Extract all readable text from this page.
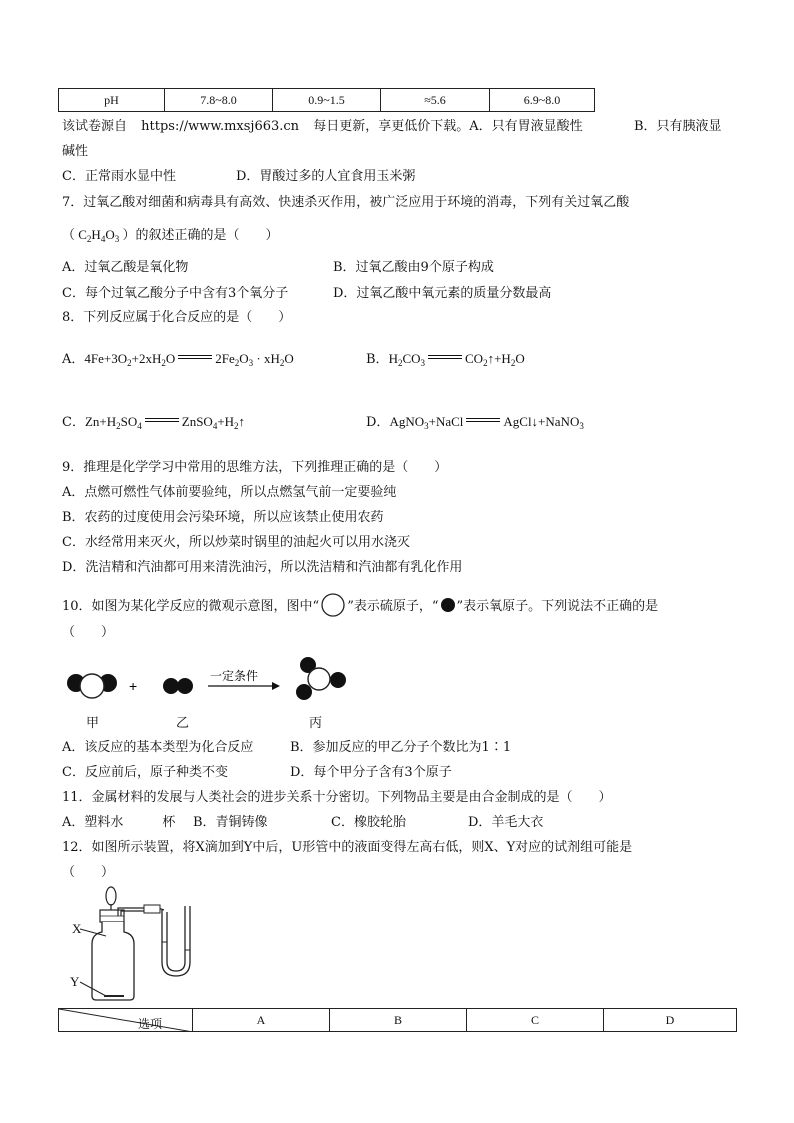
pH	7.8~8.0	0.9~1.5	≈5.6	6.9~8.0
该试卷源自 https://www.mxsj663.cn 每日更新，享更低价下载。A．只有胃液显酸性	B．只有胰液显
碱性
C．正常雨水显中性	D．胃酸过多的人宜食用玉米粥
7．过氧乙酸对细菌和病毒具有高效、快速杀灭作用，被广泛应用于环境的消毒，下列有关过氧乙酸
（ $C_2H_4O_3$ ）的叙述正确的是（　　）
A．过氧乙酸是氧化物	B．过氧乙酸由9个原子构成
C．每个过氧乙酸分子中含有3个氧分子	D．过氧乙酸中氧元素的质量分数最高
8．下列反应属于化合反应的是（　　）
A．$4Fe+3O_2+2xH_2O$	$2Fe_2O_3 \cdot xH_2O$	B．$H_2CO_3$	$CO_2↑+H_2O$
C．$Zn+H_2SO_4$	$ZnSO_4+H_2↑$	D．AgNO$_3$+NaCl	AgCl↓+NaNO$_3$
9．推理是化学学习中常用的思维方法，下列推理正确的是（　　）
A．点燃可燃性气体前要验纯，所以点燃氢气前一定要验纯
B．农药的过度使用会污染环境，所以应该禁止使用农药
C．水经常用来灭火，所以炒菜时锅里的油起火可以用水浇灭
D．洗洁精和汽油都可用来清洗油污，所以洗洁精和汽油都有乳化作用
10．如图为某化学反应的微观示意图，图中“ ”表示硫原子，“ ”表示氧原子。下列说法不正确的是
（　　）
+
一定条件
甲	乙	丙
A．该反应的基本类型为化合反应	B．参加反应的甲乙分子个数比为1∶1
C．反应前后，原子种类不变	D．每个甲分子含有3个原子
11．金属材料的发展与人类社会的进步关系十分密切。下列物品主要是由合金制成的是（　　）
A．塑料水　　　杯 B．青铜铸像	C．橡胶轮胎	D．羊毛大衣
12．如图所示装置，将X滴加到Y中后，U形管中的液面变得左高右低，则X、Y对应的试剂组可能是
（　　）
X
Y
选项	A	B	C	D
